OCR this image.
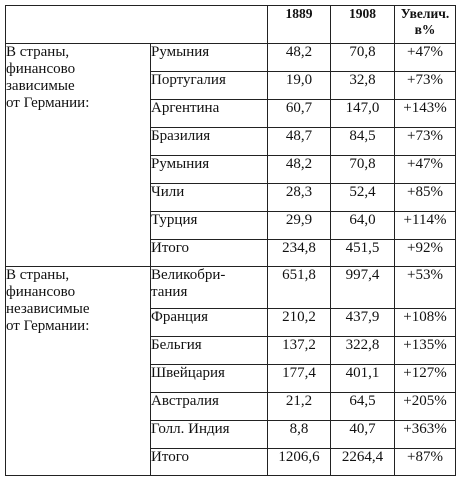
		1889	1908	Увелич.
в%

В страны,
финансово
зависимые
от Германии:	Румыния	48,2	70,8	+47%
	Португалия	19,0	32,8	+73%
	Аргентина	60,7	147,0	+143%
	Бразилия	48,7	84,5	+73%
	Румыния	48,2	70,8	+47%
	Чили	28,3	52,4	+85%
	Турция	29,9	64,0	+114%
	Итого	234,8	451,5	+92%

В страны,
финансово
независимые
от Германии:	Великобри-
тания	651,8	997,4	+53%
	Франция	210,2	437,9	+108%
	Бельгия	137,2	322,8	+135%
	Швейцария	177,4	401,1	+127%
	Австралия	21,2	64,5	+205%
	Голл. Индия	8,8	40,7	+363%
	Итого	1206,6	2264,4	+87%
